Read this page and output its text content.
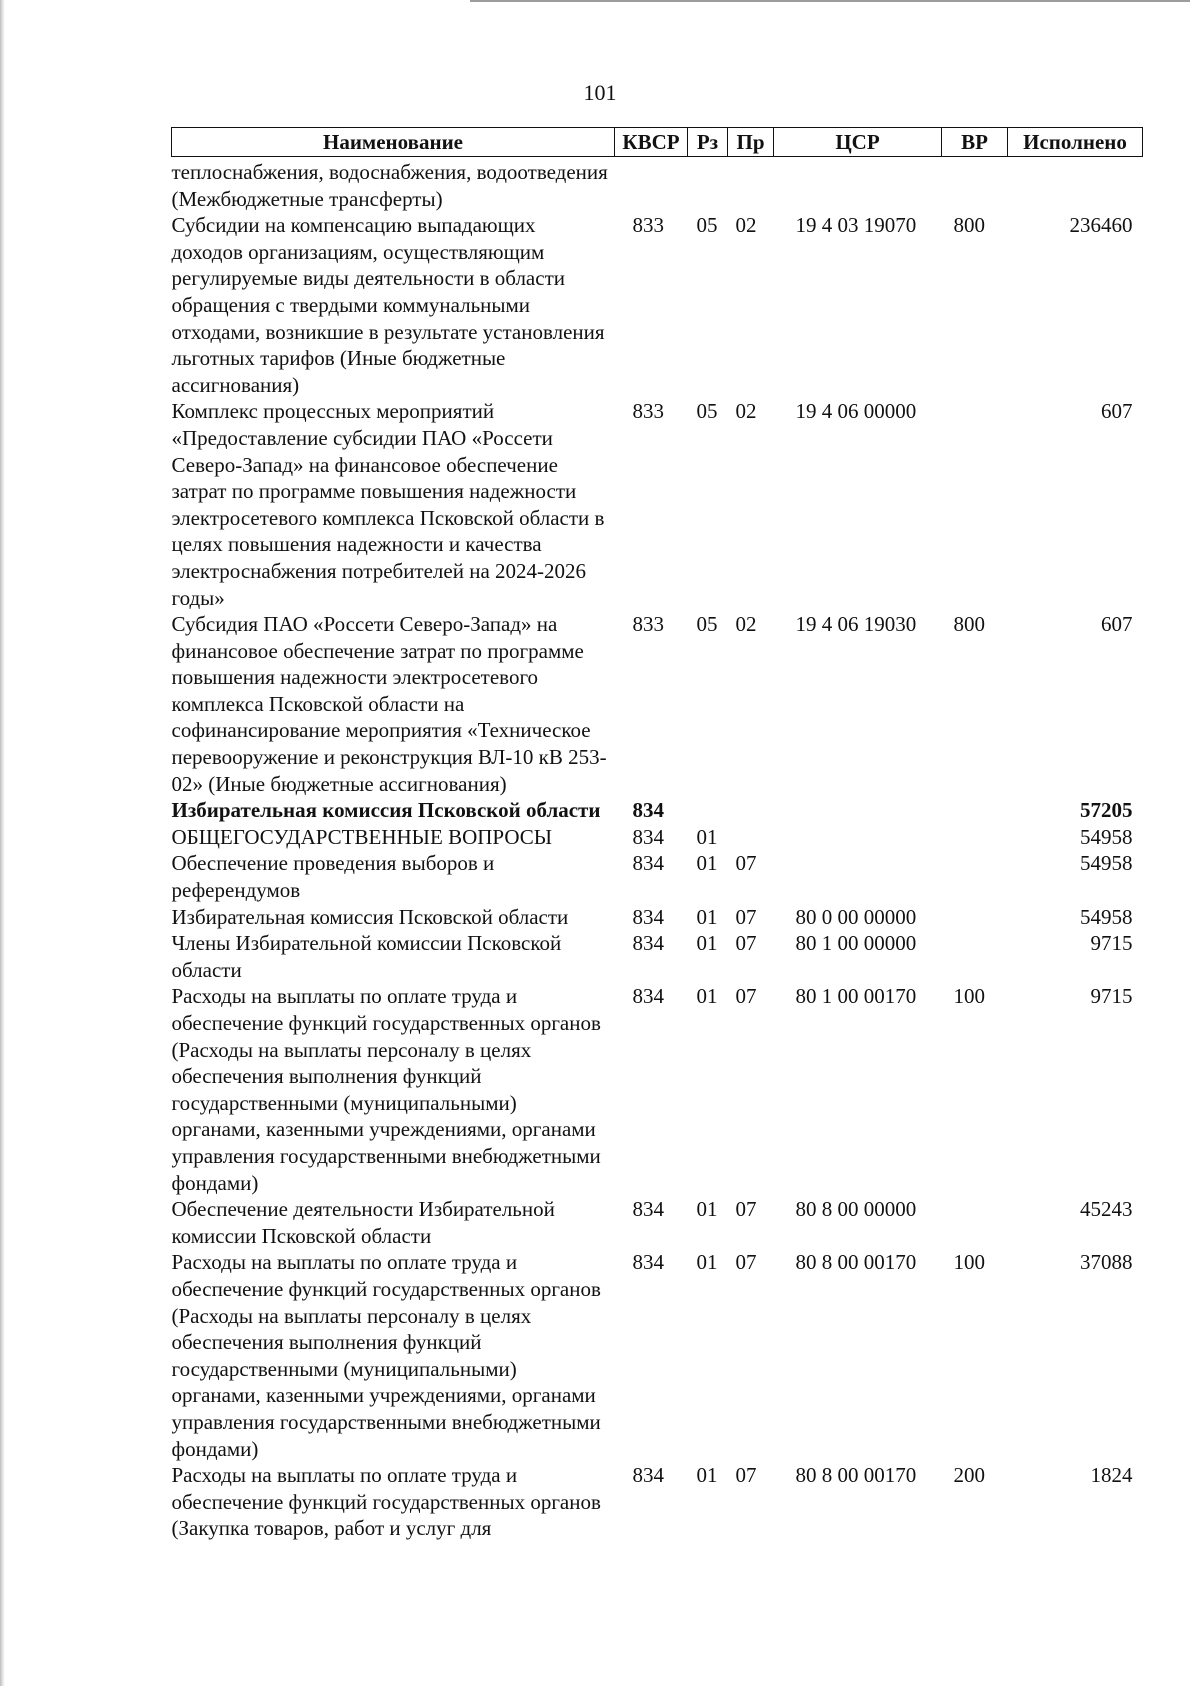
101
Наименование	КВСР	Рз	Пр	ЦСР	ВР	Исполнено
теплоснабжения, водоснабжения, водоотведения (Межбюджетные трансферты)						
Субсидии на компенсацию выпадающих доходов организациям, осуществляющим регулируемые виды деятельности в области обращения с твердыми коммунальными отходами, возникшие в результате установления льготных тарифов (Иные бюджетные ассигнования)	833	05	02	19 4 03 19070	800	236460
Комплекс процессных мероприятий «Предоставление субсидии ПАО «Россети Северо-Запад» на финансовое обеспечение затрат по программе повышения надежности электросетевого комплекса Псковской области в целях повышения надежности и качества электроснабжения потребителей на 2024-2026 годы»	833	05	02	19 4 06 00000		607
Субсидия ПАО «Россети Северо-Запад» на финансовое обеспечение затрат по программе повышения надежности электросетевого комплекса Псковской области на софинансирование мероприятия «Техническое перевооружение и реконструкция ВЛ-10 кВ 253-02» (Иные бюджетные ассигнования)	833	05	02	19 4 06 19030	800	607
Избирательная комиссия Псковской области	834					57205
ОБЩЕГОСУДАРСТВЕННЫЕ ВОПРОСЫ	834	01				54958
Обеспечение проведения выборов и референдумов	834	01	07			54958
Избирательная комиссия Псковской области	834	01	07	80 0 00 00000		54958
Члены Избирательной комиссии Псковской области	834	01	07	80 1 00 00000		9715
Расходы на выплаты по оплате труда и обеспечение функций государственных органов (Расходы на выплаты персоналу в целях обеспечения выполнения функций государственными (муниципальными) органами, казенными учреждениями, органами управления государственными внебюджетными фондами)	834	01	07	80 1 00 00170	100	9715
Обеспечение деятельности Избирательной комиссии Псковской области	834	01	07	80 8 00 00000		45243
Расходы на выплаты по оплате труда и обеспечение функций государственных органов (Расходы на выплаты персоналу в целях обеспечения выполнения функций государственными (муниципальными) органами, казенными учреждениями, органами управления государственными внебюджетными фондами)	834	01	07	80 8 00 00170	100	37088
Расходы на выплаты по оплате труда и обеспечение функций государственных органов (Закупка товаров, работ и услуг для	834	01	07	80 8 00 00170	200	1824
